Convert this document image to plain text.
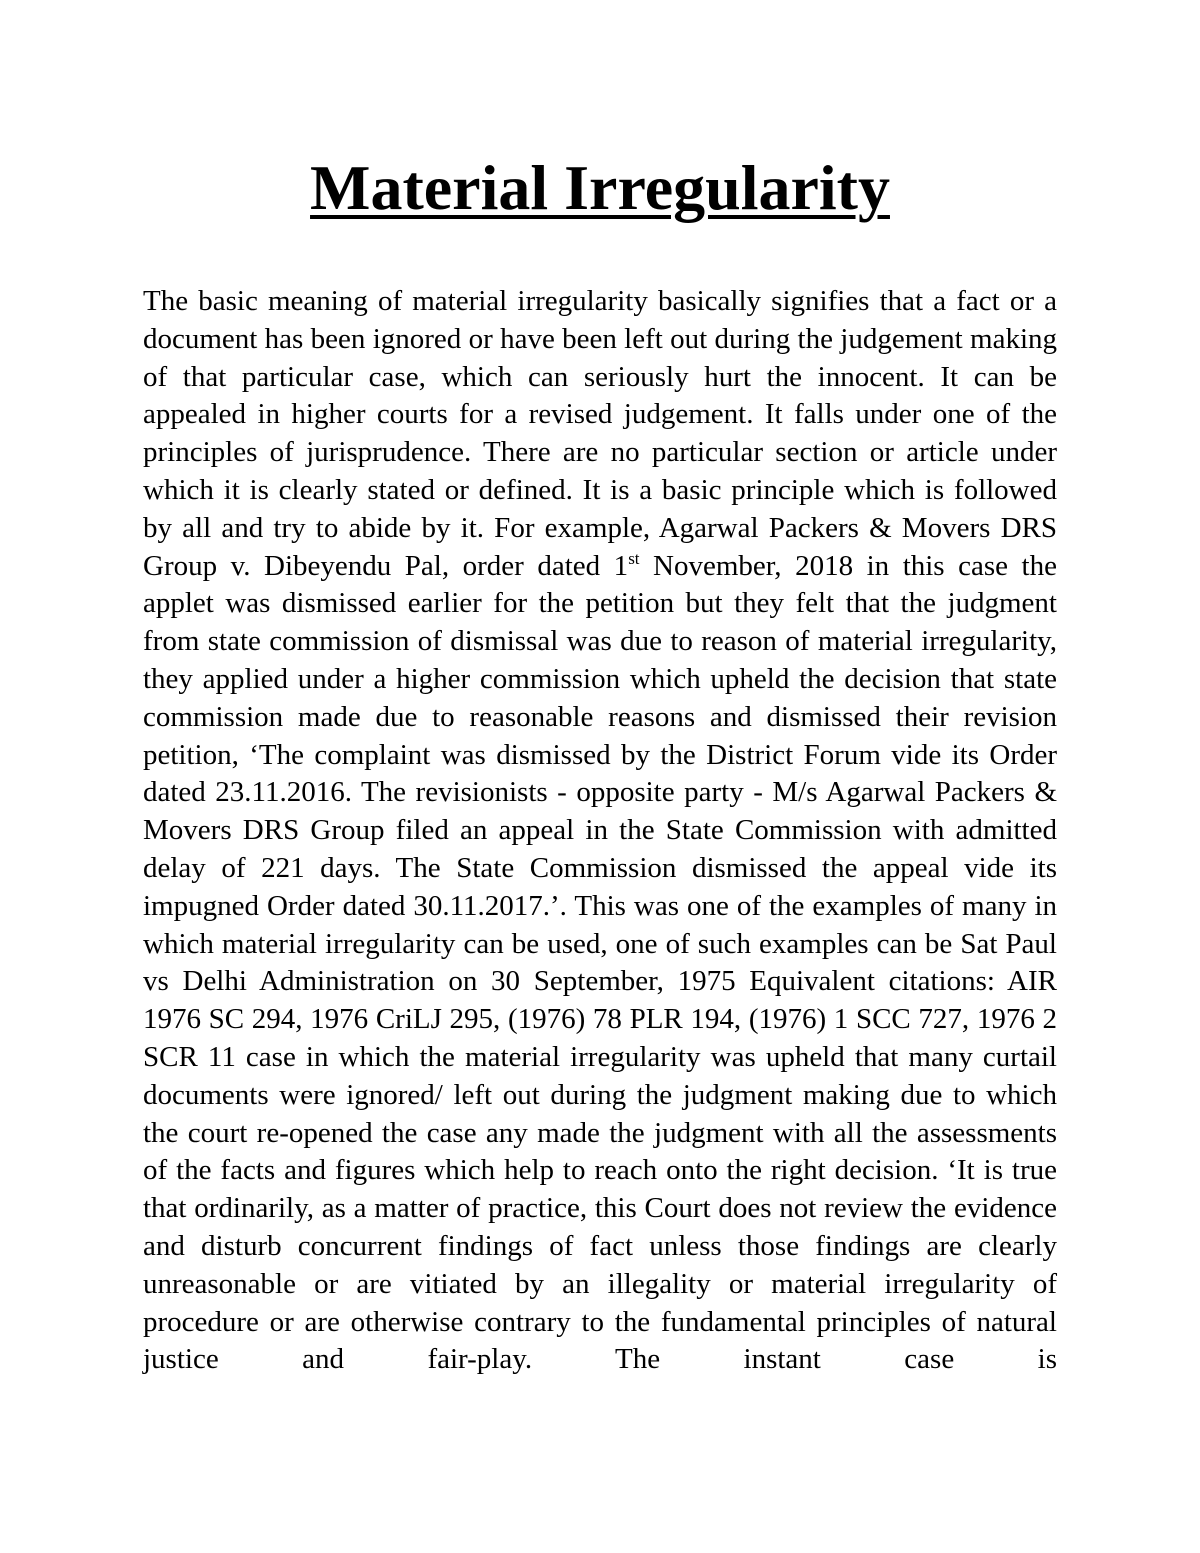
Material Irregularity

The basic meaning of material irregularity basically signifies that a fact or a document has been ignored or have been left out during the judgement making of that particular case, which can seriously hurt the innocent. It can be appealed in higher courts for a revised judgement. It falls under one of the principles of jurisprudence. There are no particular section or article under which it is clearly stated or defined. It is a basic principle which is followed by all and try to abide by it. For example, Agarwal Packers & Movers DRS Group v. Dibeyendu Pal, order dated 1st November, 2018 in this case the applet was dismissed earlier for the petition but they felt that the judgment from state commission of dismissal was due to reason of material irregularity, they applied under a higher commission which upheld the decision that state commission made due to reasonable reasons and dismissed their revision petition, ‘The complaint was dismissed by the District Forum vide its Order dated 23.11.2016. The revisionists - opposite party - M/s Agarwal Packers & Movers DRS Group filed an appeal in the State Commission with admitted delay of 221 days. The State Commission dismissed the appeal vide its impugned Order dated 30.11.2017.’. This was one of the examples of many in which material irregularity can be used, one of such examples can be Sat Paul vs Delhi Administration on 30 September, 1975 Equivalent citations: AIR 1976 SC 294, 1976 CriLJ 295, (1976) 78 PLR 194, (1976) 1 SCC 727, 1976 2 SCR 11 case in which the material irregularity was upheld that many curtail documents were ignored/ left out during the judgment making due to which the court re-opened the case any made the judgment with all the assessments of the facts and figures which help to reach onto the right decision. ‘It is true that ordinarily, as a matter of practice, this Court does not review the evidence and disturb concurrent findings of fact unless those findings are clearly unreasonable or are vitiated by an illegality or material irregularity of procedure or are otherwise contrary to the fundamental principles of natural justice and fair-play. The instant case is
